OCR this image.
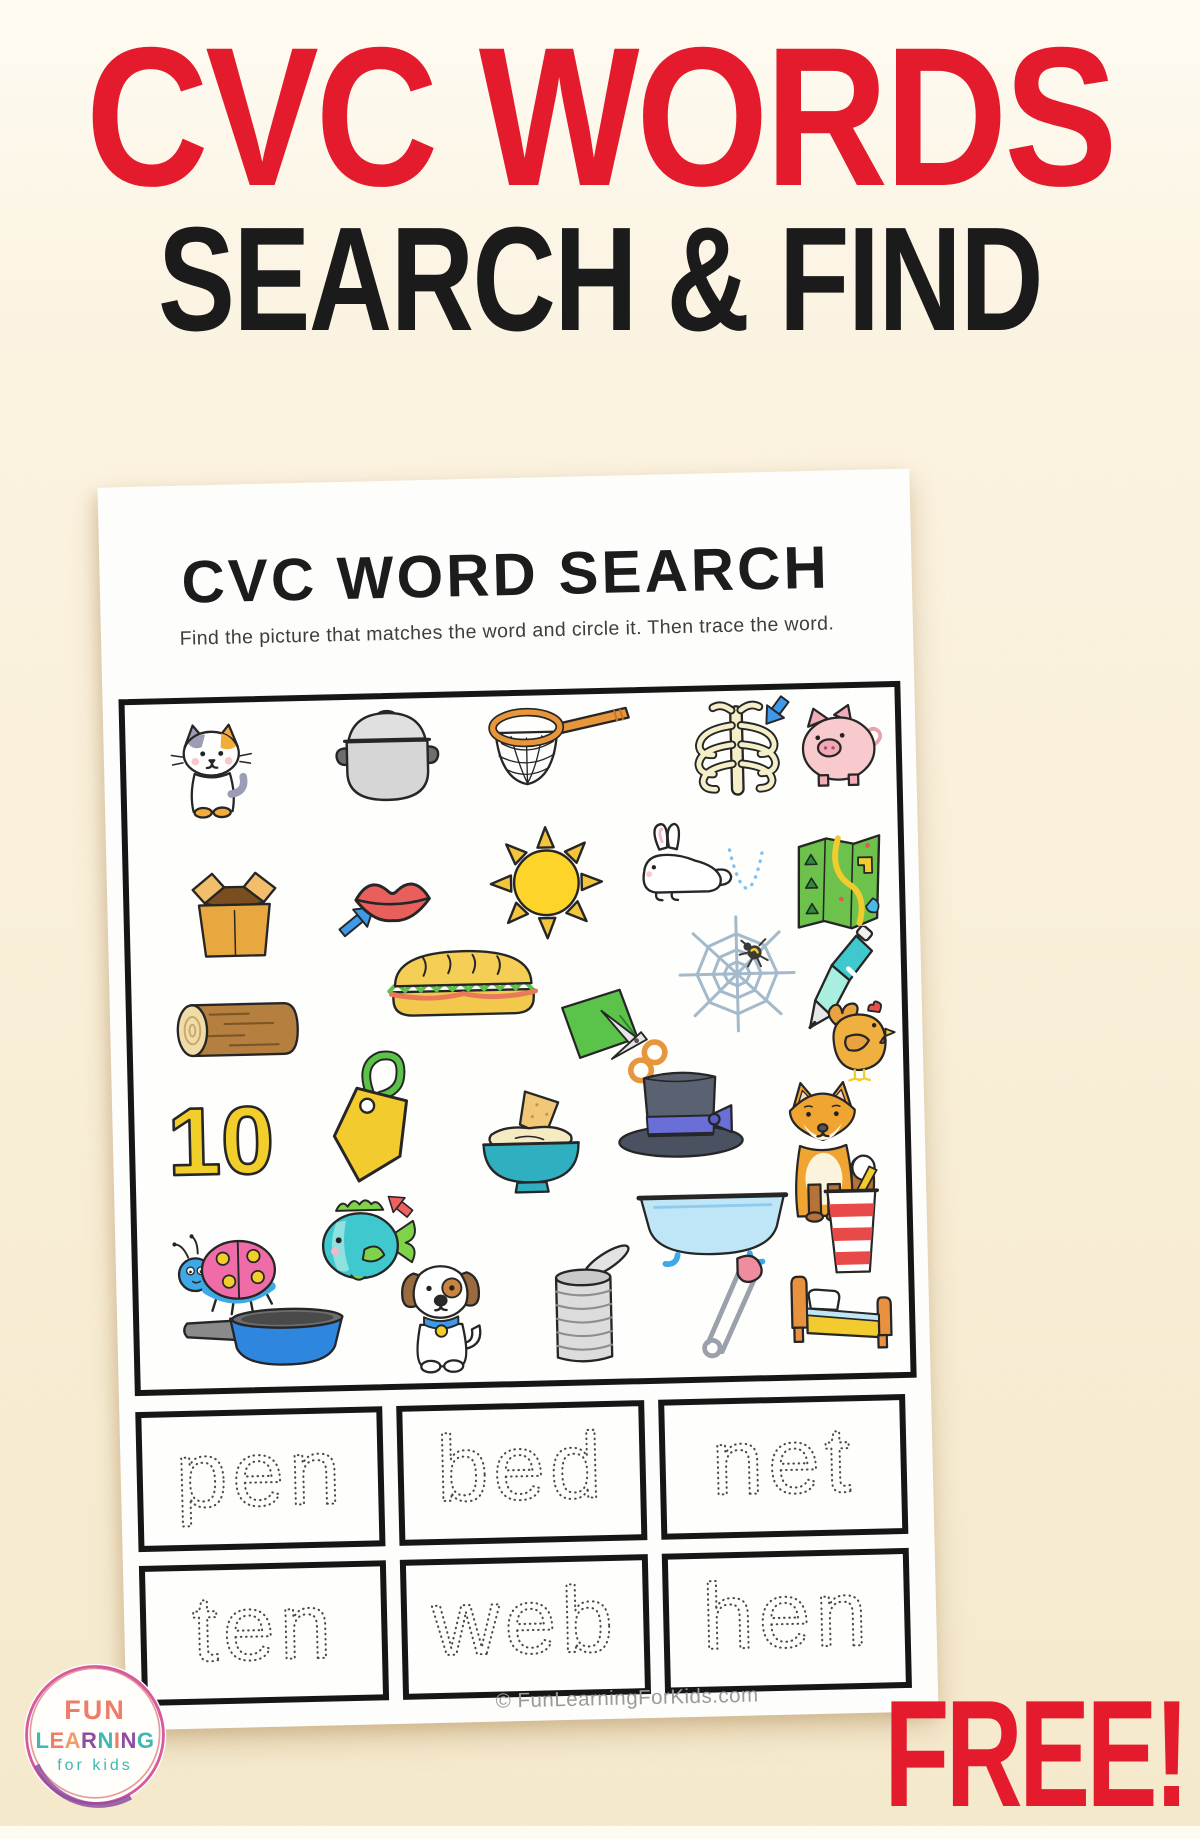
CVC WORDS
SEARCH & FIND
CVC WORD SEARCH
Find the picture that matches the word and circle it. Then trace the word.
10
pen bed net
ten web hen
© FunLearningForKids.com
FUN
LEARNING
for kids	FREE!
